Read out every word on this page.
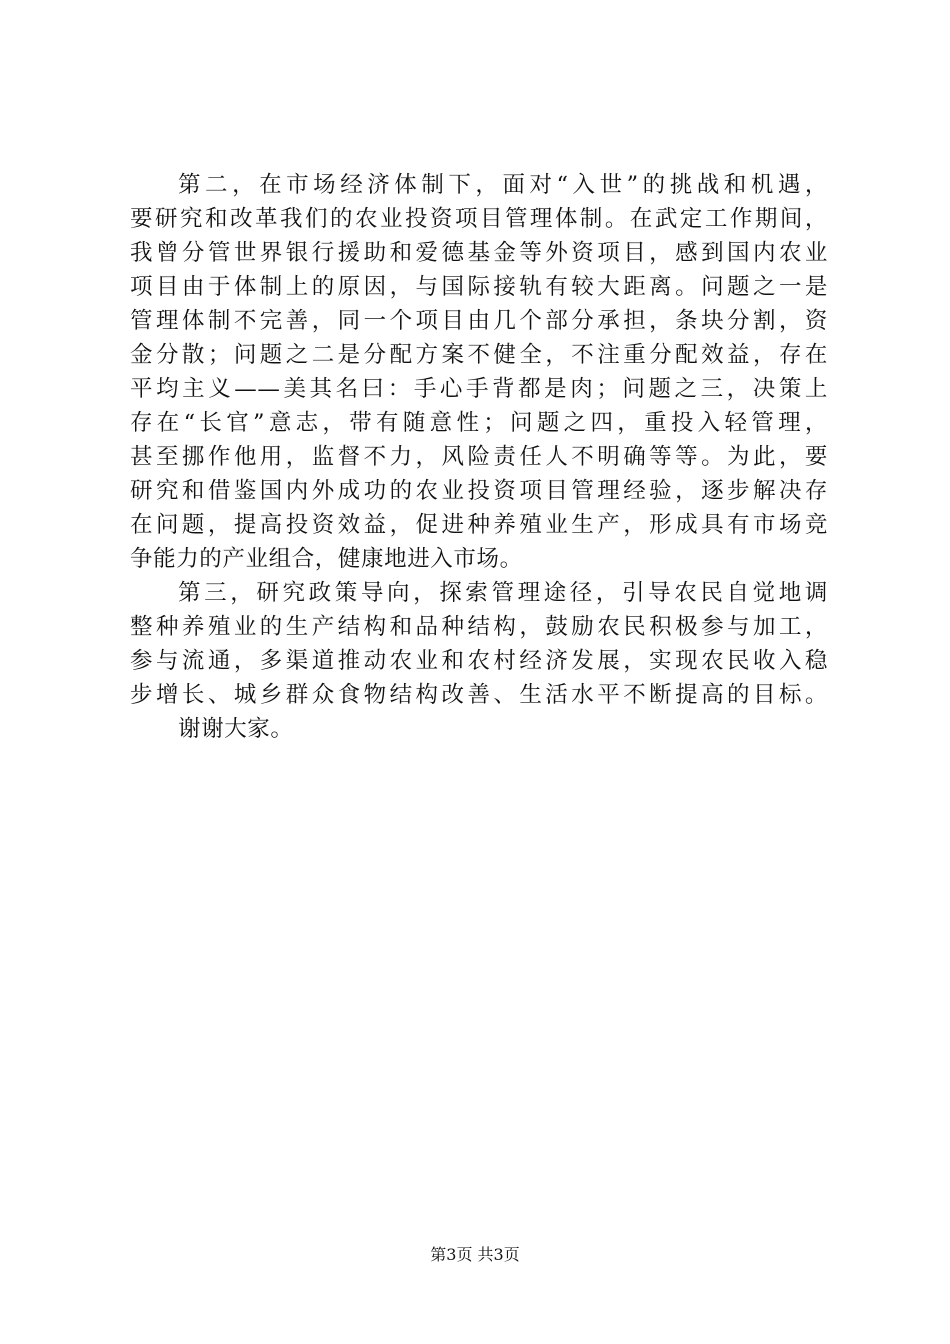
第二，在市场经济体制下，面对“入世”的挑战和机遇，
要研究和改革我们的农业投资项目管理体制。在武定工作期间，
我曾分管世界银行援助和爱德基金等外资项目，感到国内农业
项目由于体制上的原因，与国际接轨有较大距离。问题之一是
管理体制不完善，同一个项目由几个部分承担，条块分割，资
金分散；问题之二是分配方案不健全，不注重分配效益，存在
平均主义——美其名曰：手心手背都是肉；问题之三，决策上
存在“长官”意志，带有随意性；问题之四，重投入轻管理，
甚至挪作他用，监督不力，风险责任人不明确等等。为此，要
研究和借鉴国内外成功的农业投资项目管理经验，逐步解决存
在问题，提高投资效益，促进种养殖业生产，形成具有市场竞
争能力的产业组合，健康地进入市场。
第三，研究政策导向，探索管理途径，引导农民自觉地调
整种养殖业的生产结构和品种结构，鼓励农民积极参与加工，
参与流通，多渠道推动农业和农村经济发展，实现农民收入稳
步增长、城乡群众食物结构改善、生活水平不断提高的目标。
谢谢大家。
第3页 共3页
